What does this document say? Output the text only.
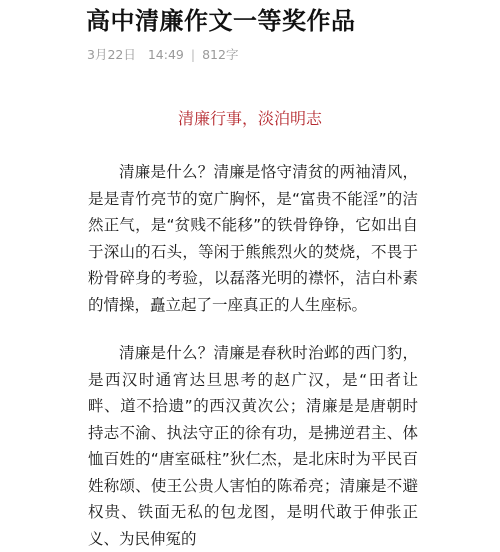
高中清廉作文一等奖作品
3月22日 14:49 | 812字
清廉行事，淡泊明志

清廉是什么？清廉是恪守清贫的两袖清风，是是青竹亮节的宽广胸怀，是“富贵不能淫”的洁然正气，是“贫贱不能移”的铁骨铮铮，它如出自于深山的石头，等闲于熊熊烈火的焚烧，不畏于粉骨碎身的考验，以磊落光明的襟怀，洁白朴素的情操，矗立起了一座真正的人生座标。

清廉是什么？清廉是春秋时治邺的西门豹，是西汉时通宵达旦思考的赵广汉，是“田者让畔、道不拾遗”的西汉黄次公；清廉是是唐朝时持志不渝、执法守正的徐有功，是拂逆君主、体恤百姓的“唐室砥柱”狄仁杰，是北床时为平民百姓称颂、使王公贵人害怕的陈希亮；清廉是不避权贵、铁面无私的包龙图，是明代敢于伸张正义、为民伸冤的
